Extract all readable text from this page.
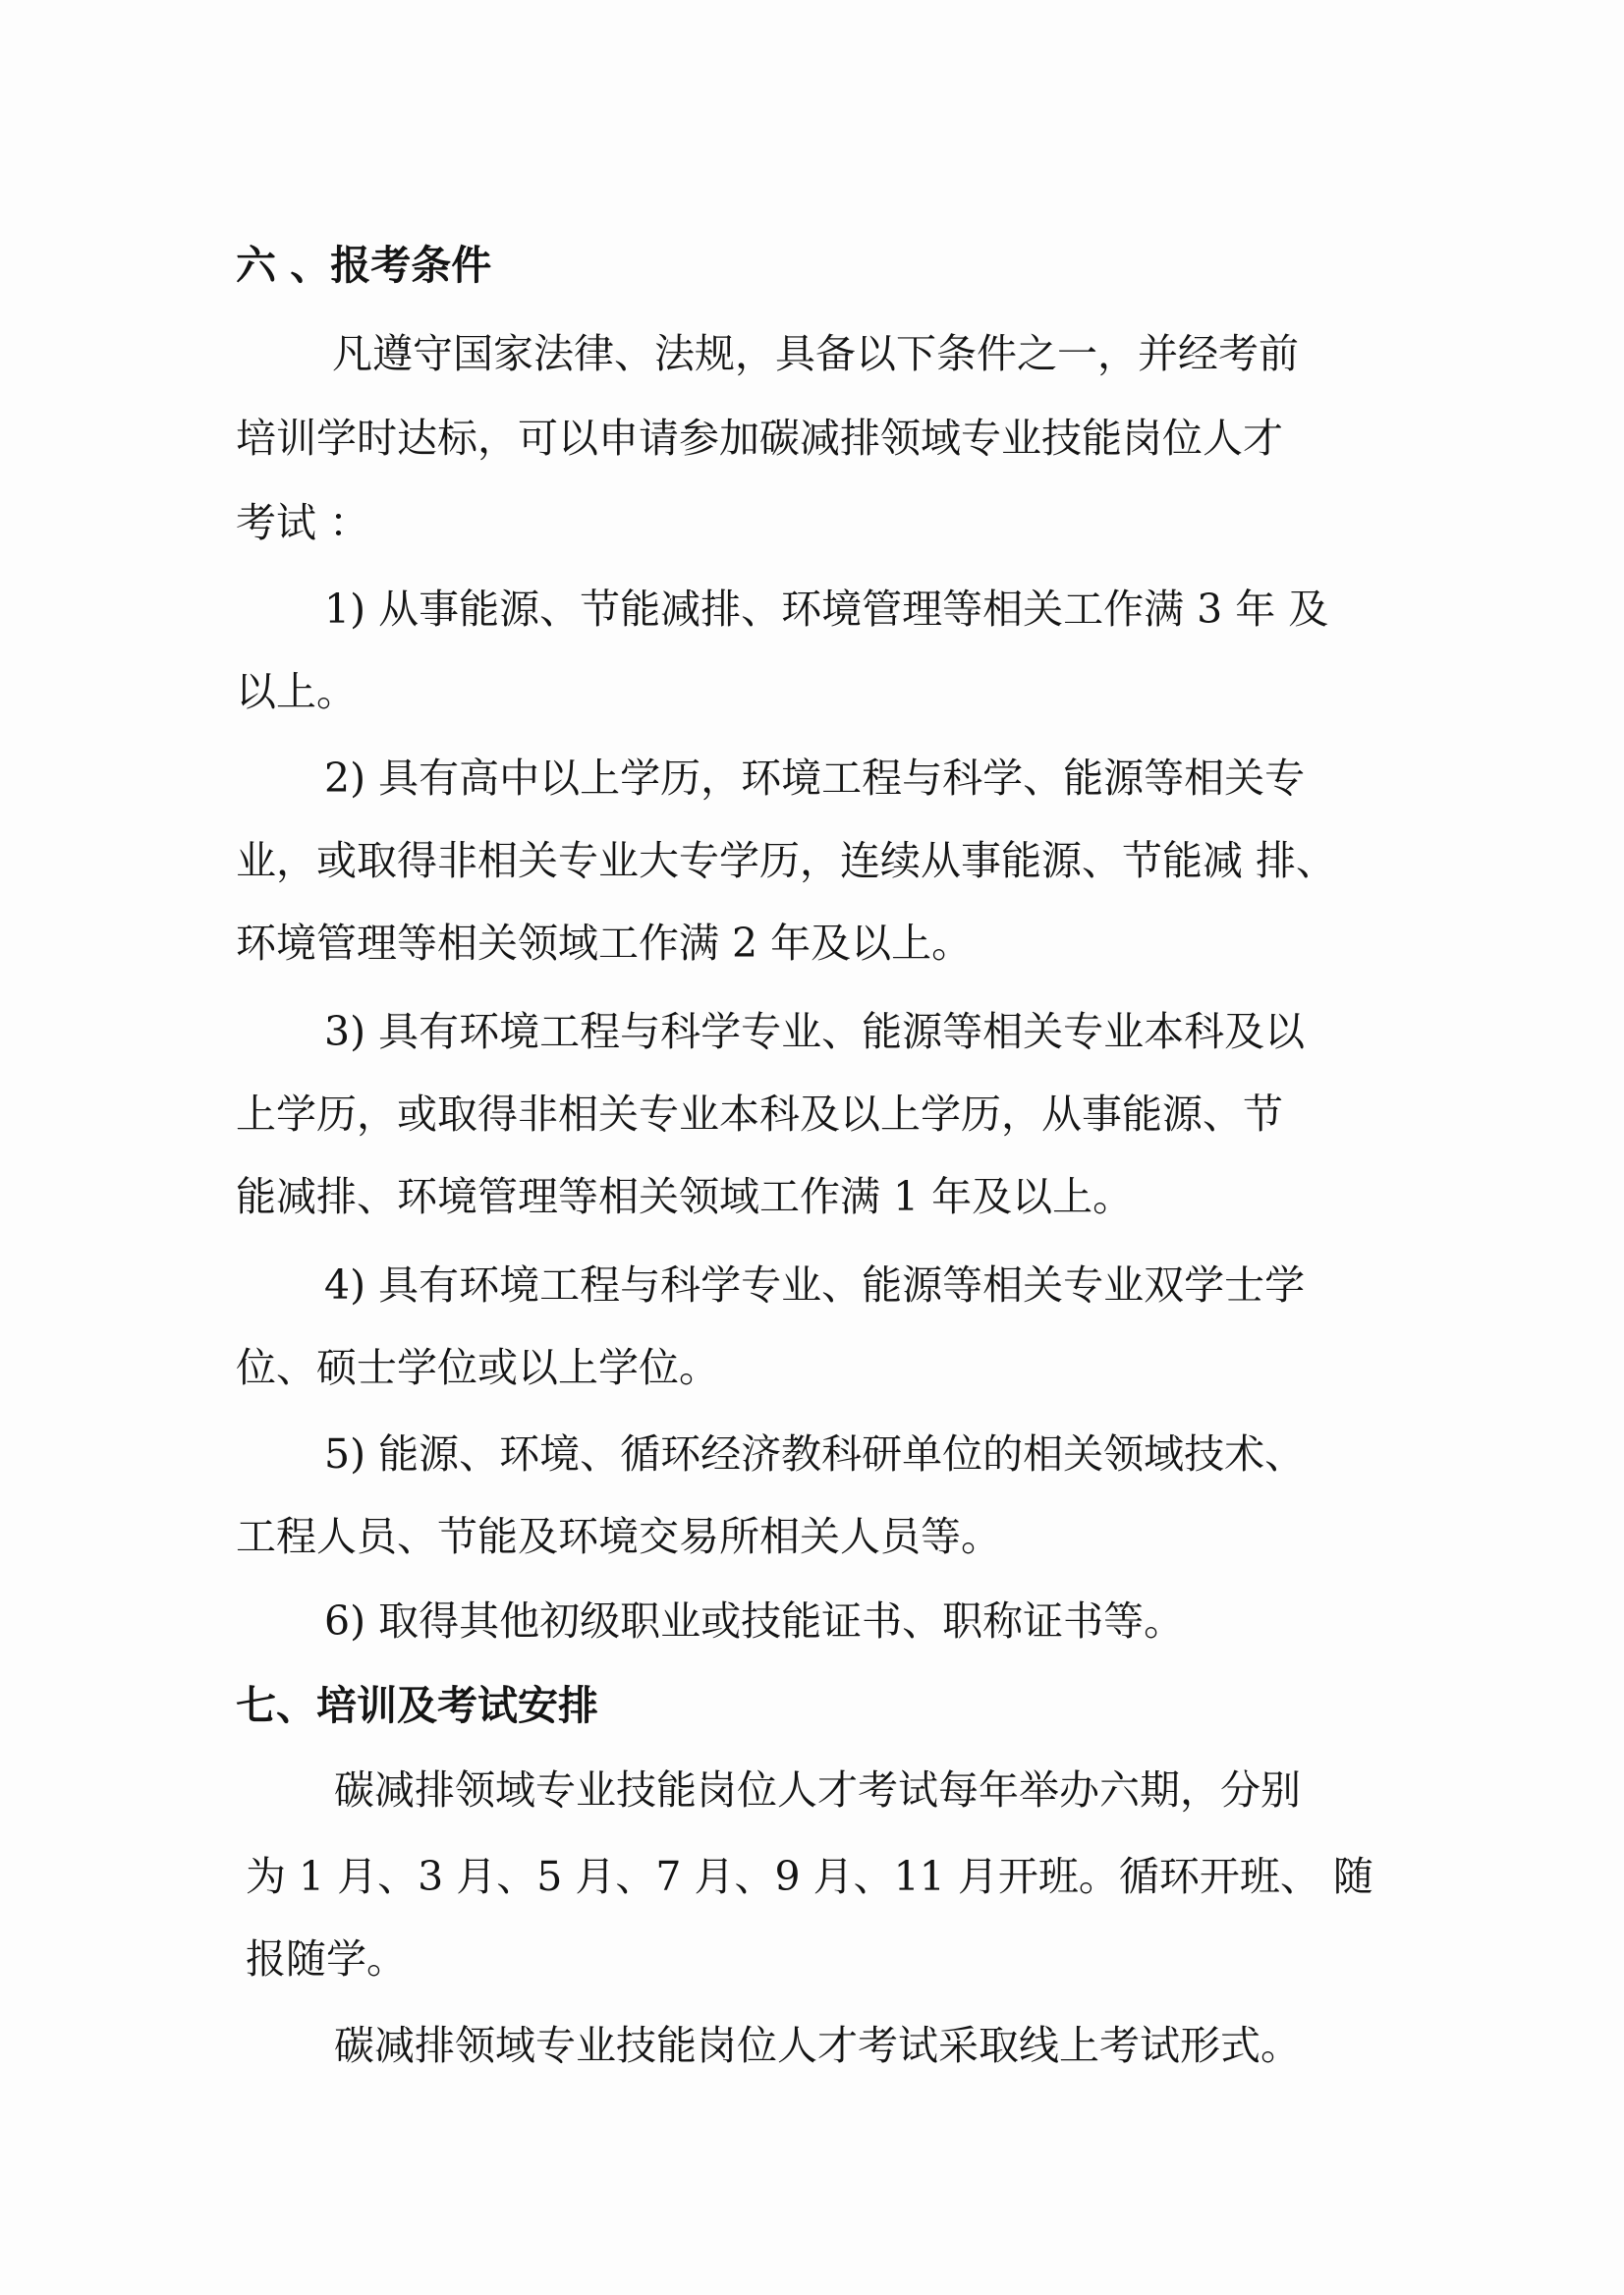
六 、报考条件
凡遵守国家法律、法规，具备以下条件之一，并经考前
培训学时达标，可以申请参加碳减排领域专业技能岗位人才
考试 ：
1) 从事能源、节能减排、环境管理等相关工作满 3 年 及
以上。
2) 具有高中以上学历，环境工程与科学、能源等相关专
业，或取得非相关专业大专学历，连续从事能源、节能减 排、
环境管理等相关领域工作满 2 年及以上。
3) 具有环境工程与科学专业、能源等相关专业本科及以
上学历，或取得非相关专业本科及以上学历，从事能源、节
能减排、环境管理等相关领域工作满 1 年及以上。
4) 具有环境工程与科学专业、能源等相关专业双学士学
位、硕士学位或以上学位。
5) 能源、环境、循环经济教科研单位的相关领域技术、
工程人员、节能及环境交易所相关人员等。
6) 取得其他初级职业或技能证书、职称证书等。
七、培训及考试安排
碳减排领域专业技能岗位人才考试每年举办六期，分别
为 1 月、3 月、5 月、7 月、9 月、11 月开班。循环开班、 随
报随学。
碳减排领域专业技能岗位人才考试采取线上考试形式。
